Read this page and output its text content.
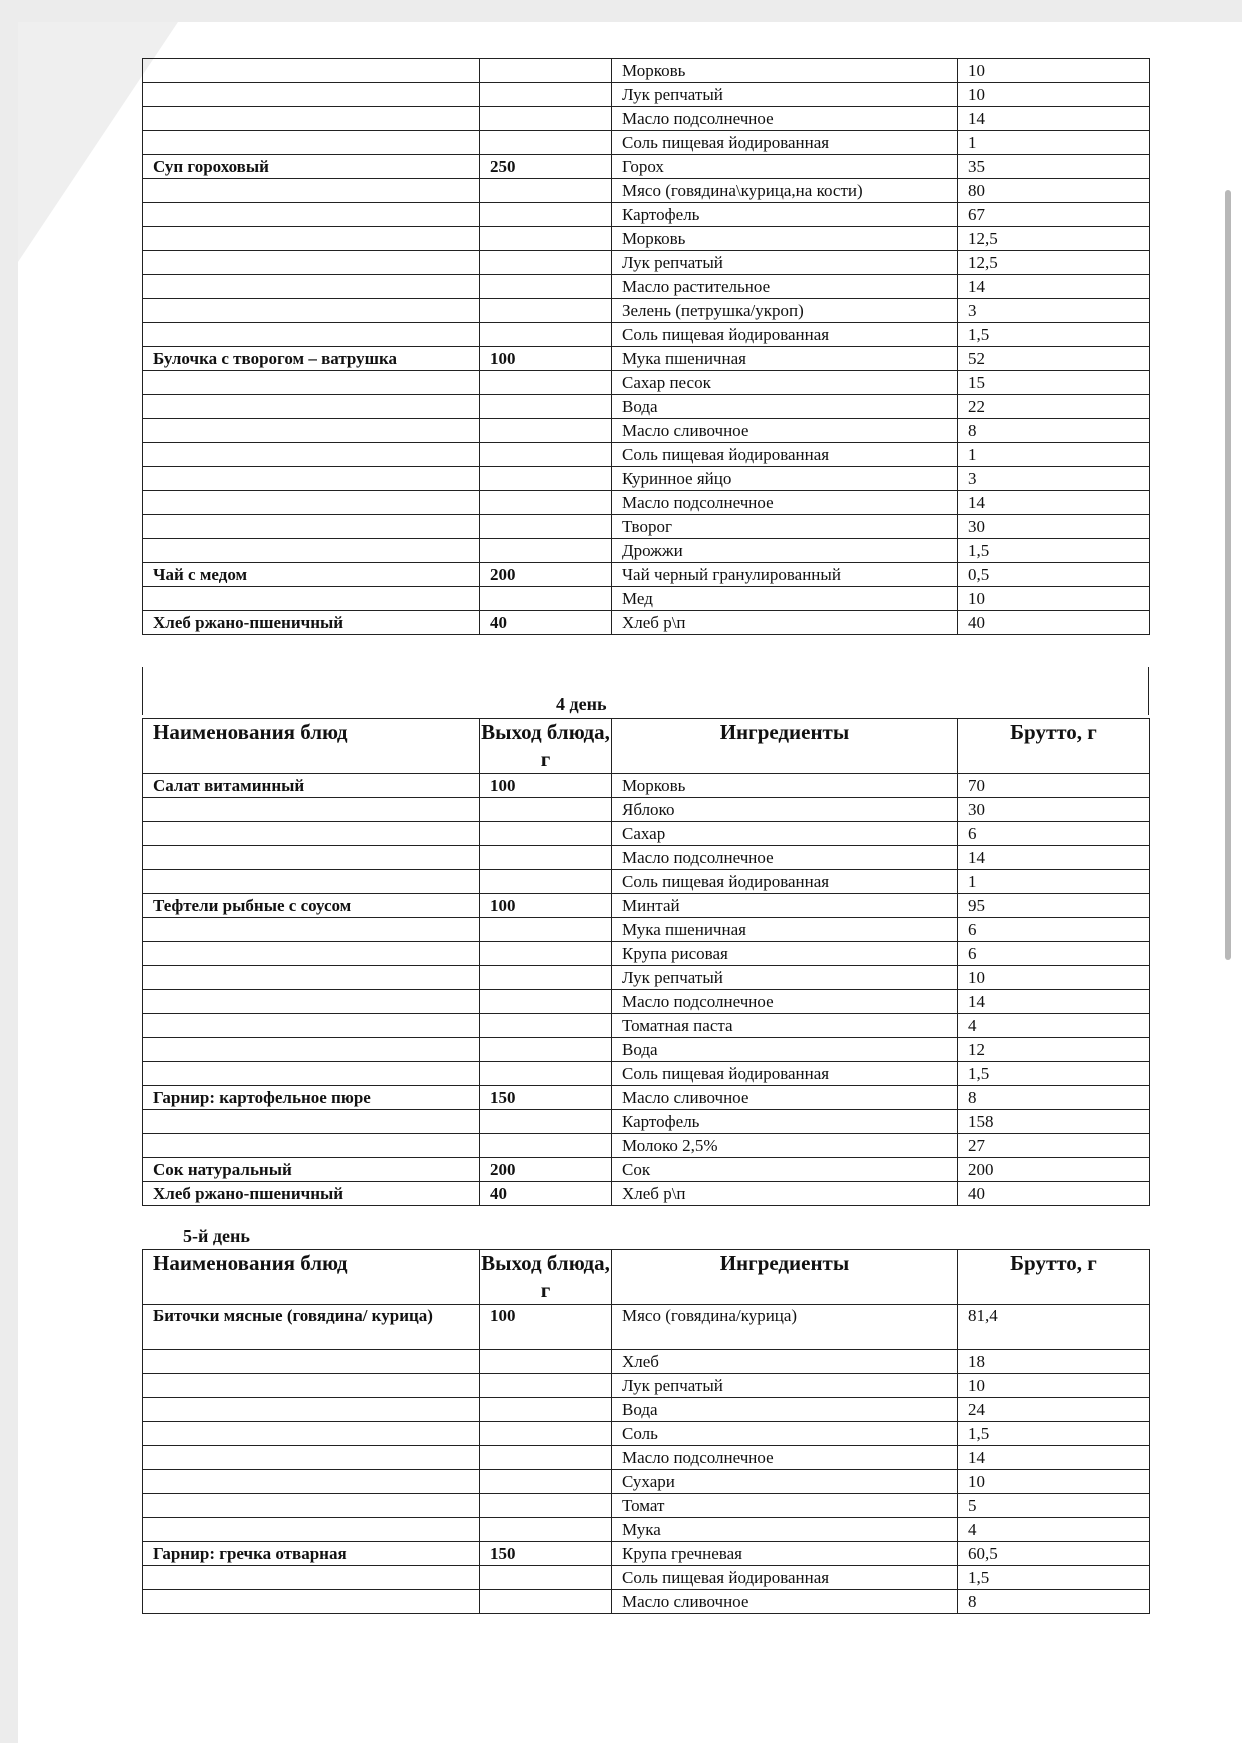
		Морковь	10
		Лук репчатый	10
		Масло подсолнечное	14
		Соль пищевая йодированная	1
Суп гороховый	250	Горох	35
		Мясо (говядина\курица,на кости)	80
		Картофель	67
		Морковь	12,5
		Лук репчатый	12,5
		Масло растительное	14
		Зелень (петрушка/укроп)	3
		Соль пищевая йодированная	1,5
Булочка с творогом – ватрушка	100	Мука пшеничная	52
		Сахар песок	15
		Вода	22
		Масло сливочное	8
		Соль пищевая йодированная	1
		Куринное яйцо	3
		Масло подсолнечное	14
		Творог	30
		Дрожжи	1,5
Чай с медом	200	Чай черный гранулированный	0,5
		Мед	10
Хлеб ржано-пшеничный	40	Хлеб р\п	40
4 день
Наименования блюд	Выход блюда, г	Ингредиенты	Брутто, г
Салат витаминный	100	Морковь	70
		Яблоко	30
		Сахар	6
		Масло подсолнечное	14
		Соль пищевая йодированная	1
Тефтели рыбные с соусом	100	Минтай	95
		Мука пшеничная	6
		Крупа рисовая	6
		Лук репчатый	10
		Масло подсолнечное	14
		Томатная паста	4
		Вода	12
		Соль пищевая йодированная	1,5
Гарнир: картофельное пюре	150	Масло сливочное	8
		Картофель	158
		Молоко 2,5%	27
Сок натуральный	200	Сок	200
Хлеб ржано-пшеничный	40	Хлеб р\п	40
5-й день
Наименования блюд	Выход блюда, г	Ингредиенты	Брутто, г
Биточки мясные (говядина/ курица)	100	Мясо (говядина/курица)	81,4
		Хлеб	18
		Лук репчатый	10
		Вода	24
		Соль	1,5
		Масло подсолнечное	14
		Сухари	10
		Томат	5
		Мука	4
Гарнир: гречка отварная	150	Крупа гречневая	60,5
		Соль пищевая йодированная	1,5
		Масло сливочное	8
